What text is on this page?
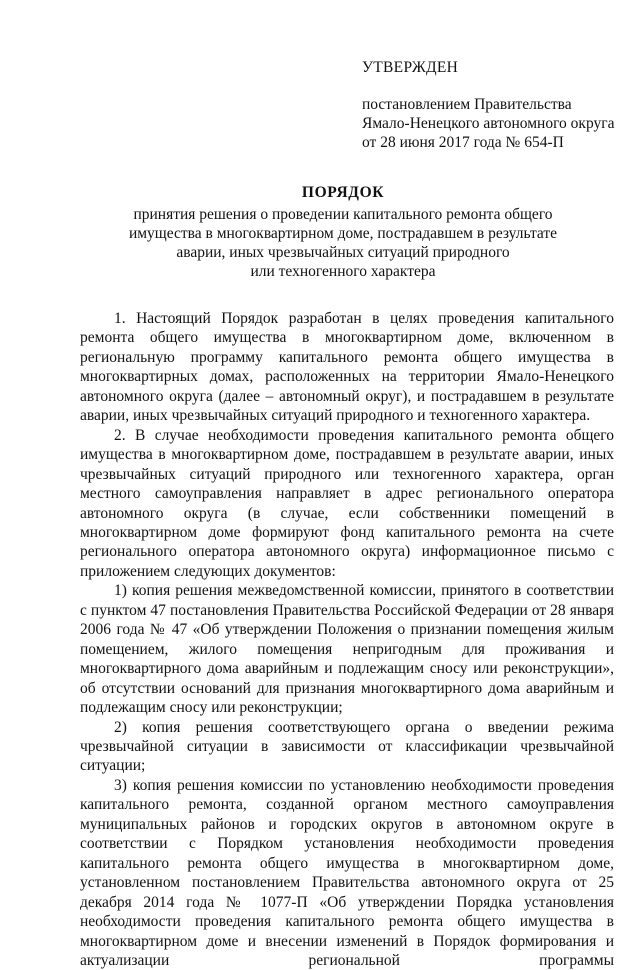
УТВЕРЖДЕН
постановлением Правительства
Ямало-Ненецкого автономного округа
от 28 июня 2017 года № 654-П
ПОРЯДОК

принятия решения о проведении капитального ремонта общего
имущества в многоквартирном доме, пострадавшем в результате
аварии, иных чрезвычайных ситуаций природного
или техногенного характера

1. Настоящий Порядок разработан в целях проведения капитального ремонта общего имущества в многоквартирном доме, включенном в региональную программу капитального ремонта общего имущества в многоквартирных домах, расположенных на территории Ямало-Ненецкого автономного округа (далее – автономный округ), и пострадавшем в результате аварии, иных чрезвычайных ситуаций природного и техногенного характера.

2. В случае необходимости проведения капитального ремонта общего имущества в многоквартирном доме, пострадавшем в результате аварии, иных чрезвычайных ситуаций природного или техногенного характера, орган местного самоуправления направляет в адрес регионального оператора автономного округа (в случае, если собственники помещений в многоквартирном доме формируют фонд капитального ремонта на счете регионального оператора автономного округа) информационное письмо с приложением следующих документов:

1) копия решения межведомственной комиссии, принятого в соответствии с пунктом 47 постановления Правительства Российской Федерации от 28 января 2006 года № 47 «Об утверждении Положения о признании помещения жилым помещением, жилого помещения непригодным для проживания и многоквартирного дома аварийным и подлежащим сносу или реконструкции», об отсутствии оснований для признания многоквартирного дома аварийным и подлежащим сносу или реконструкции;

2) копия решения соответствующего органа о введении режима чрезвычайной ситуации в зависимости от классификации чрезвычайной ситуации;

3) копия решения комиссии по установлению необходимости проведения капитального ремонта, созданной органом местного самоуправления муниципальных районов и городских округов в автономном округе в соответствии с Порядком установления необходимости проведения капитального ремонта общего имущества в многоквартирном доме, установленном постановлением Правительства автономного округа от 25 декабря 2014 года № 1077-П «Об утверждении Порядка установления необходимости проведения капитального ремонта общего имущества в многоквартирном доме и внесении изменений в Порядок формирования и актуализации региональной программы
